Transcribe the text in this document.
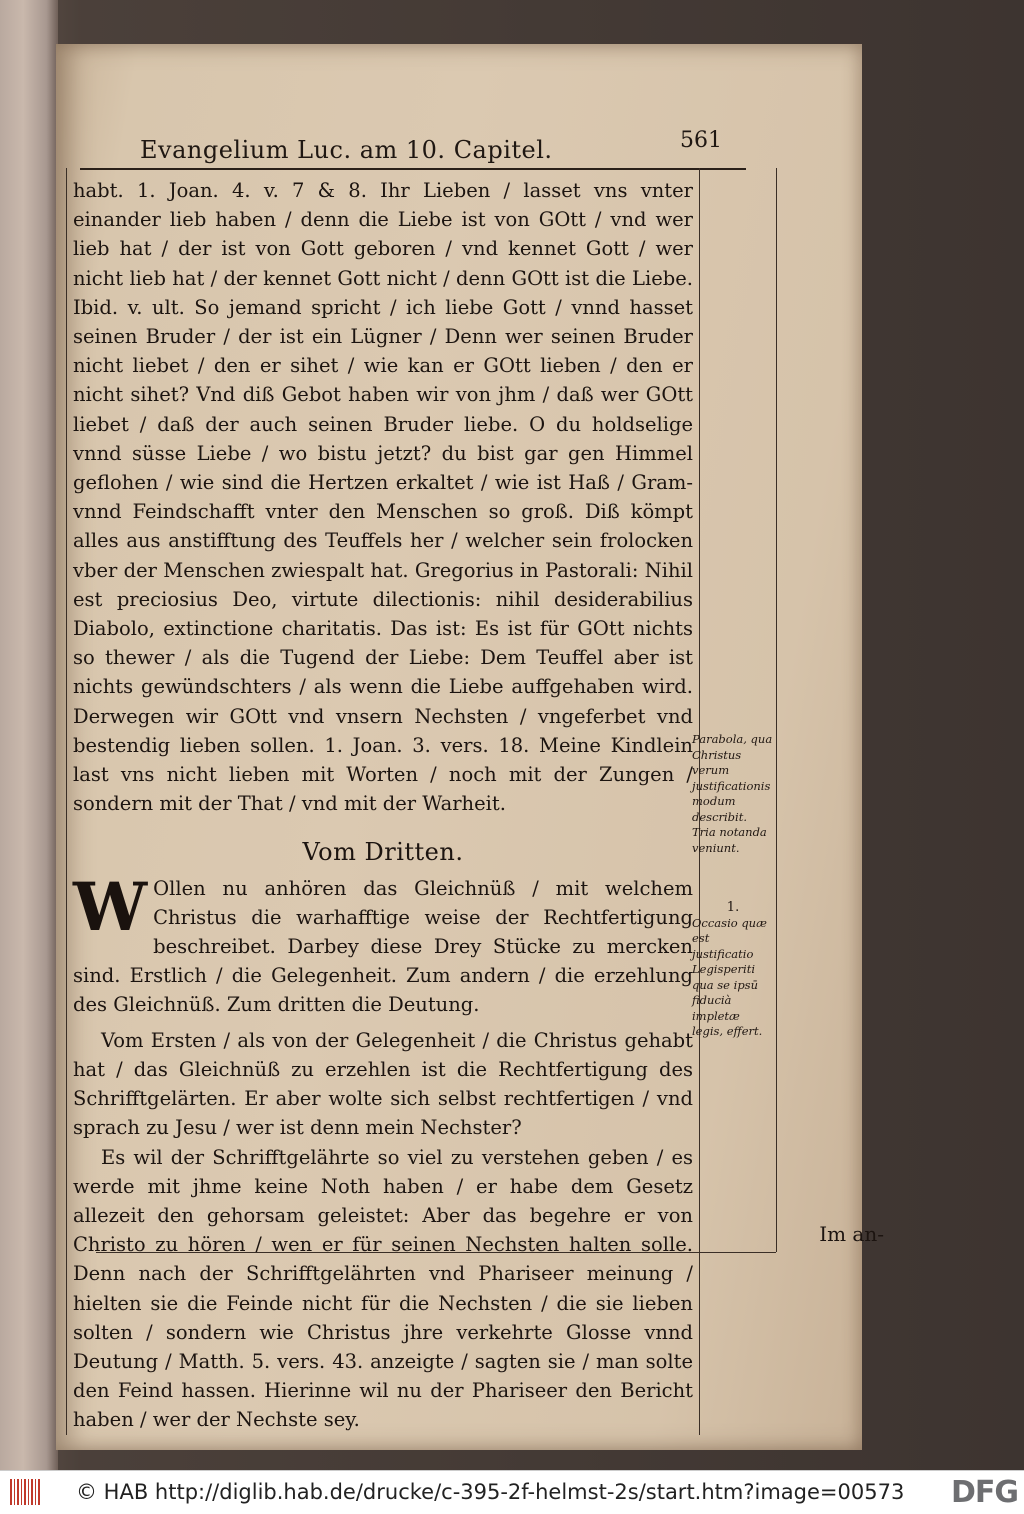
Evangelium Luc. am 10. Capitel.	561

habt. 1. Joan. 4. v. 7 & 8. Ihr Lieben / lasset vns vnter einander lieb haben / denn die Liebe ist von GOtt / vnd wer lieb hat / der ist von Gott geboren / vnd kennet Gott / wer nicht lieb hat / der kennet Gott nicht / denn GOtt ist die Liebe. Ibid. v. ult. So jemand spricht / ich liebe Gott / vnnd hasset seinen Bruder / der ist ein Lügner / Denn wer seinen Bruder nicht liebet / den er sihet / wie kan er GOtt lieben / den er nicht sihet? Vnd diß Gebot haben wir von jhm / daß wer GOtt liebet / daß der auch seinen Bruder liebe. O du holdselige vnnd süsse Liebe / wo bistu jetzt? du bist gar gen Himmel geflohen / wie sind die Hertzen erkaltet / wie ist Haß / Gram- vnnd Feindschafft vnter den Menschen so groß. Diß kömpt alles aus anstifftung des Teuffels her / welcher sein frolocken vber der Menschen zwiespalt hat. Gregorius in Pastorali: Nihil est preciosius Deo, virtute dilectionis: nihil desiderabilius Diabolo, extinctione charitatis. Das ist: Es ist für GOtt nichts so thewer / als die Tugend der Liebe: Dem Teuffel aber ist nichts gewündschters / als wenn die Liebe auffgehaben wird. Derwegen wir GOtt vnd vnsern Nechsten / vngeferbet vnd bestendig lieben sollen. 1. Joan. 3. vers. 18. Meine Kindlein last vns nicht lieben mit Worten / noch mit der Zungen / sondern mit der That / vnd mit der Warheit.

Vom Dritten.

W Ollen nu anhören das Gleichnüß / mit welchem Christus die warhafftige weise der Rechtfertigung beschreibet. Darbey diese Drey Stücke zu mercken sind. Erstlich / die Gelegenheit. Zum andern / die erzehlung des Gleichnüß. Zum dritten die Deutung.

Vom Ersten / als von der Gelegenheit / die Christus gehabt hat / das Gleichnüß zu erzehlen ist die Rechtfertigung des Schrifftgelärten. Er aber wolte sich selbst rechtfertigen / vnd sprach zu Jesu / wer ist denn mein Nechster?

Es wil der Schrifftgelährte so viel zu verstehen geben / es werde mit jhme keine Noth haben / er habe dem Gesetz allezeit den gehorsam geleistet: Aber das begehre er von Christo zu hören / wen er für seinen Nechsten halten solle. Denn nach der Schrifftgelährten vnd Phariseer meinung / hielten sie die Feinde nicht für die Nechsten / die sie lieben solten / sondern wie Christus jhre verkehrte Glosse vnnd Deutung / Matth. 5. vers. 43. anzeigte / sagten sie / man solte den Feind hassen. Hierinne wil nu der Phariseer den Bericht haben / wer der Nechste sey.

Parabola, qua Christus verum justificationis modum describit. Tria notanda veniunt.
1.
Occasio quæ est justificatio Legisperiti qua se ipsū fiducià impletæ legis, effert.
Im an-
© HAB http://diglib.hab.de/drucke/c-395-2f-helmst-2s/start.htm?image=00573 DFG
